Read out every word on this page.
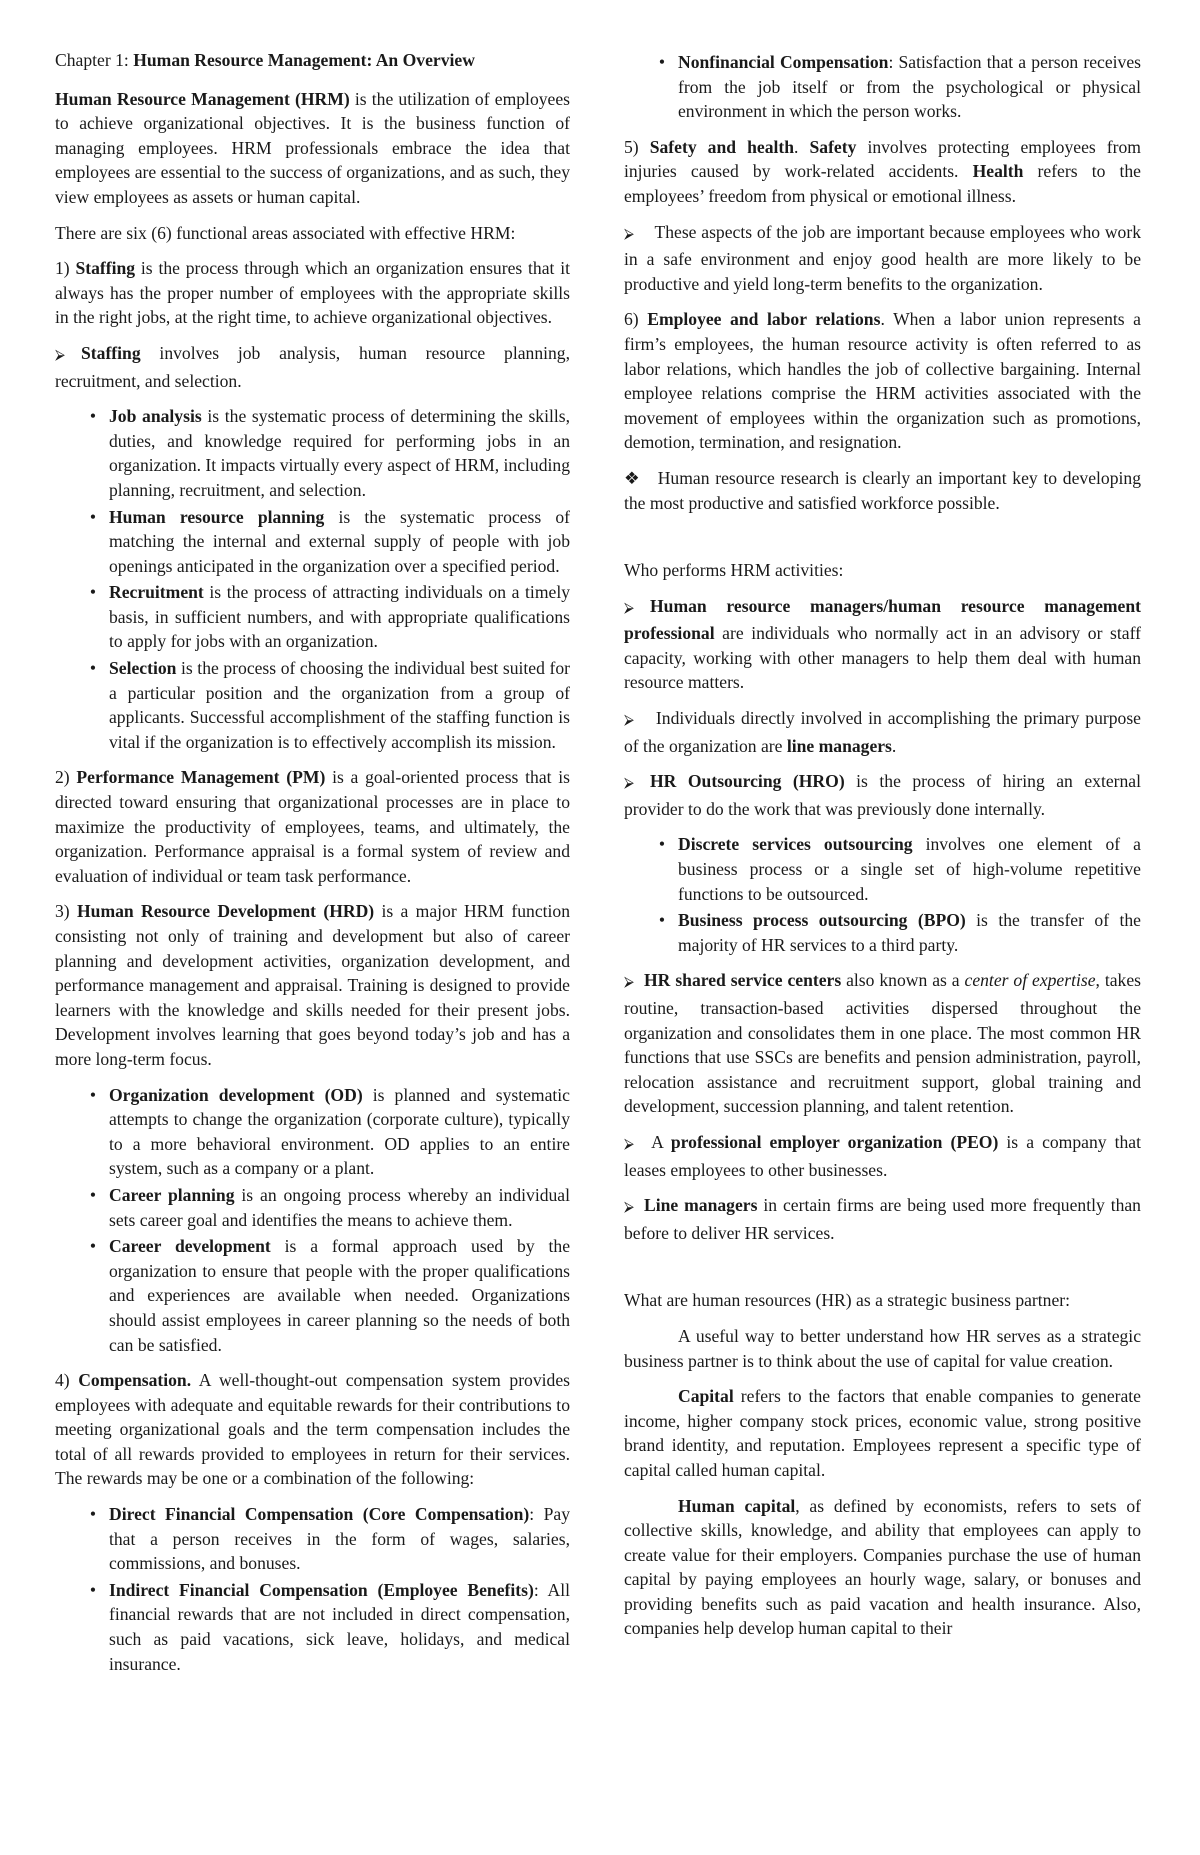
Chapter 1: Human Resource Management: An Overview

Human Resource Management (HRM) is the utilization of employees to achieve organizational objectives. It is the business function of managing employees. HRM professionals embrace the idea that employees are essential to the success of organizations, and as such, they view employees as assets or human capital.

There are six (6) functional areas associated with effective HRM:

1) Staffing is the process through which an organization ensures that it always has the proper number of employees with the appropriate skills in the right jobs, at the right time, to achieve organizational objectives.

⮚ Staffing involves job analysis, human resource planning, recruitment, and selection.

• Job analysis is the systematic process of determining the skills, duties, and knowledge required for performing jobs in an organization. It impacts virtually every aspect of HRM, including planning, recruitment, and selection.
• Human resource planning is the systematic process of matching the internal and external supply of people with job openings anticipated in the organization over a specified period.
• Recruitment is the process of attracting individuals on a timely basis, in sufficient numbers, and with appropriate qualifications to apply for jobs with an organization.
• Selection is the process of choosing the individual best suited for a particular position and the organization from a group of applicants. Successful accomplishment of the staffing function is vital if the organization is to effectively accomplish its mission.

2) Performance Management (PM) is a goal-oriented process that is directed toward ensuring that organizational processes are in place to maximize the productivity of employees, teams, and ultimately, the organization. Performance appraisal is a formal system of review and evaluation of individual or team task performance.

3) Human Resource Development (HRD) is a major HRM function consisting not only of training and development but also of career planning and development activities, organization development, and performance management and appraisal. Training is designed to provide learners with the knowledge and skills needed for their present jobs. Development involves learning that goes beyond today’s job and has a more long-term focus.

• Organization development (OD) is planned and systematic attempts to change the organization (corporate culture), typically to a more behavioral environment. OD applies to an entire system, such as a company or a plant.
• Career planning is an ongoing process whereby an individual sets career goal and identifies the means to achieve them.
• Career development is a formal approach used by the organization to ensure that people with the proper qualifications and experiences are available when needed. Organizations should assist employees in career planning so the needs of both can be satisfied.

4) Compensation. A well-thought-out compensation system provides employees with adequate and equitable rewards for their contributions to meeting organizational goals and the term compensation includes the total of all rewards provided to employees in return for their services. The rewards may be one or a combination of the following:

• Direct Financial Compensation (Core Compensation): Pay that a person receives in the form of wages, salaries, commissions, and bonuses.
• Indirect Financial Compensation (Employee Benefits): All financial rewards that are not included in direct compensation, such as paid vacations, sick leave, holidays, and medical insurance.
• Nonfinancial Compensation: Satisfaction that a person receives from the job itself or from the psychological or physical environment in which the person works.

5) Safety and health. Safety involves protecting employees from injuries caused by work-related accidents. Health refers to the employees’ freedom from physical or emotional illness.

⮚ These aspects of the job are important because employees who work in a safe environment and enjoy good health are more likely to be productive and yield long-term benefits to the organization.

6) Employee and labor relations. When a labor union represents a firm’s employees, the human resource activity is often referred to as labor relations, which handles the job of collective bargaining. Internal employee relations comprise the HRM activities associated with the movement of employees within the organization such as promotions, demotion, termination, and resignation.

❖ Human resource research is clearly an important key to developing the most productive and satisfied workforce possible.

Who performs HRM activities:

⮚ Human resource managers/human resource management professional are individuals who normally act in an advisory or staff capacity, working with other managers to help them deal with human resource matters.

⮚ Individuals directly involved in accomplishing the primary purpose of the organization are line managers.

⮚ HR Outsourcing (HRO) is the process of hiring an external provider to do the work that was previously done internally.

• Discrete services outsourcing involves one element of a business process or a single set of high-volume repetitive functions to be outsourced.
• Business process outsourcing (BPO) is the transfer of the majority of HR services to a third party.

⮚ HR shared service centers also known as a center of expertise, takes routine, transaction-based activities dispersed throughout the organization and consolidates them in one place. The most common HR functions that use SSCs are benefits and pension administration, payroll, relocation assistance and recruitment support, global training and development, succession planning, and talent retention.

⮚ A professional employer organization (PEO) is a company that leases employees to other businesses.

⮚ Line managers in certain firms are being used more frequently than before to deliver HR services.

What are human resources (HR) as a strategic business partner:

A useful way to better understand how HR serves as a strategic business partner is to think about the use of capital for value creation.

Capital refers to the factors that enable companies to generate income, higher company stock prices, economic value, strong positive brand identity, and reputation. Employees represent a specific type of capital called human capital.

Human capital, as defined by economists, refers to sets of collective skills, knowledge, and ability that employees can apply to create value for their employers. Companies purchase the use of human capital by paying employees an hourly wage, salary, or bonuses and providing benefits such as paid vacation and health insurance. Also, companies help develop human capital to their
